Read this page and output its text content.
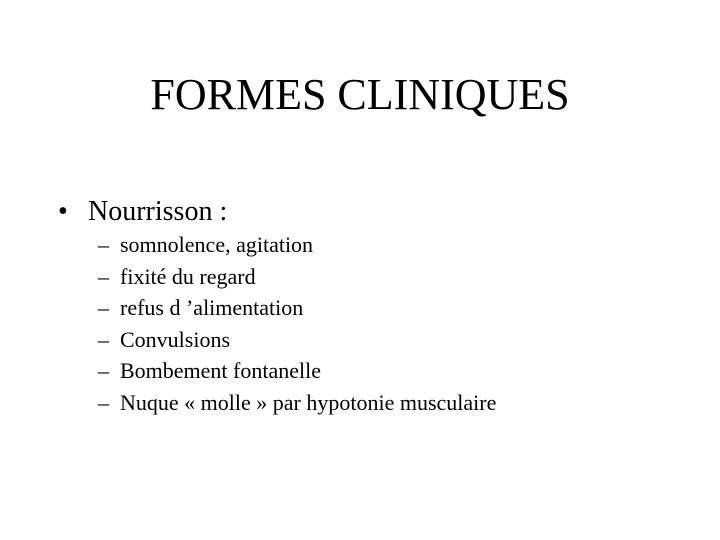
FORMES CLINIQUES
• Nourrisson :
– somnolence, agitation
– fixité du regard
– refus d ’alimentation
– Convulsions
– Bombement fontanelle
– Nuque « molle » par hypotonie musculaire
